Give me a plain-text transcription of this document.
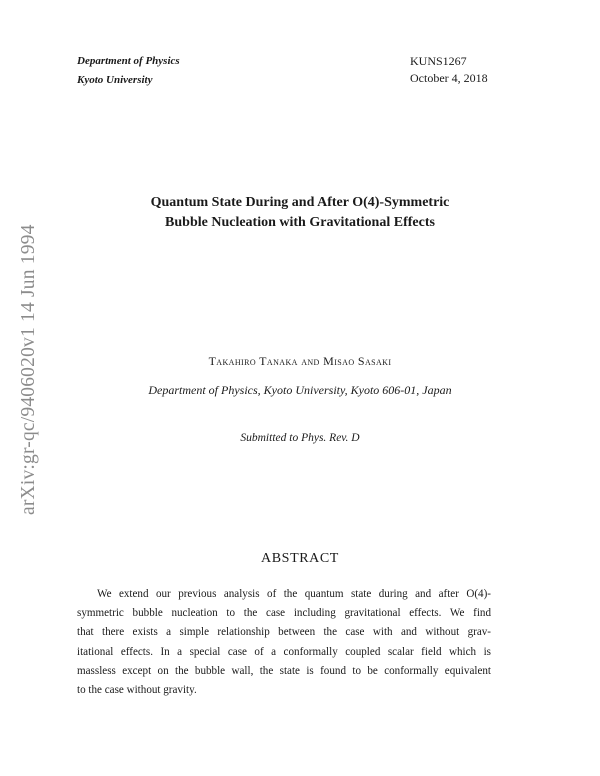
Department of Physics
Kyoto University
KUNS1267
October 4, 2018
arXiv:gr-qc/9406020v1 14 Jun 1994
Quantum State During and After O(4)-Symmetric
Bubble Nucleation with Gravitational Effects
Takahiro Tanaka and Misao Sasaki
Department of Physics, Kyoto University, Kyoto 606-01, Japan
Submitted to Phys. Rev. D
ABSTRACT
We extend our previous analysis of the quantum state during and after O(4)-
symmetric bubble nucleation to the case including gravitational effects. We find
that there exists a simple relationship between the case with and without grav-
itational effects. In a special case of a conformally coupled scalar field which is
massless except on the bubble wall, the state is found to be conformally equivalent
to the case without gravity.
